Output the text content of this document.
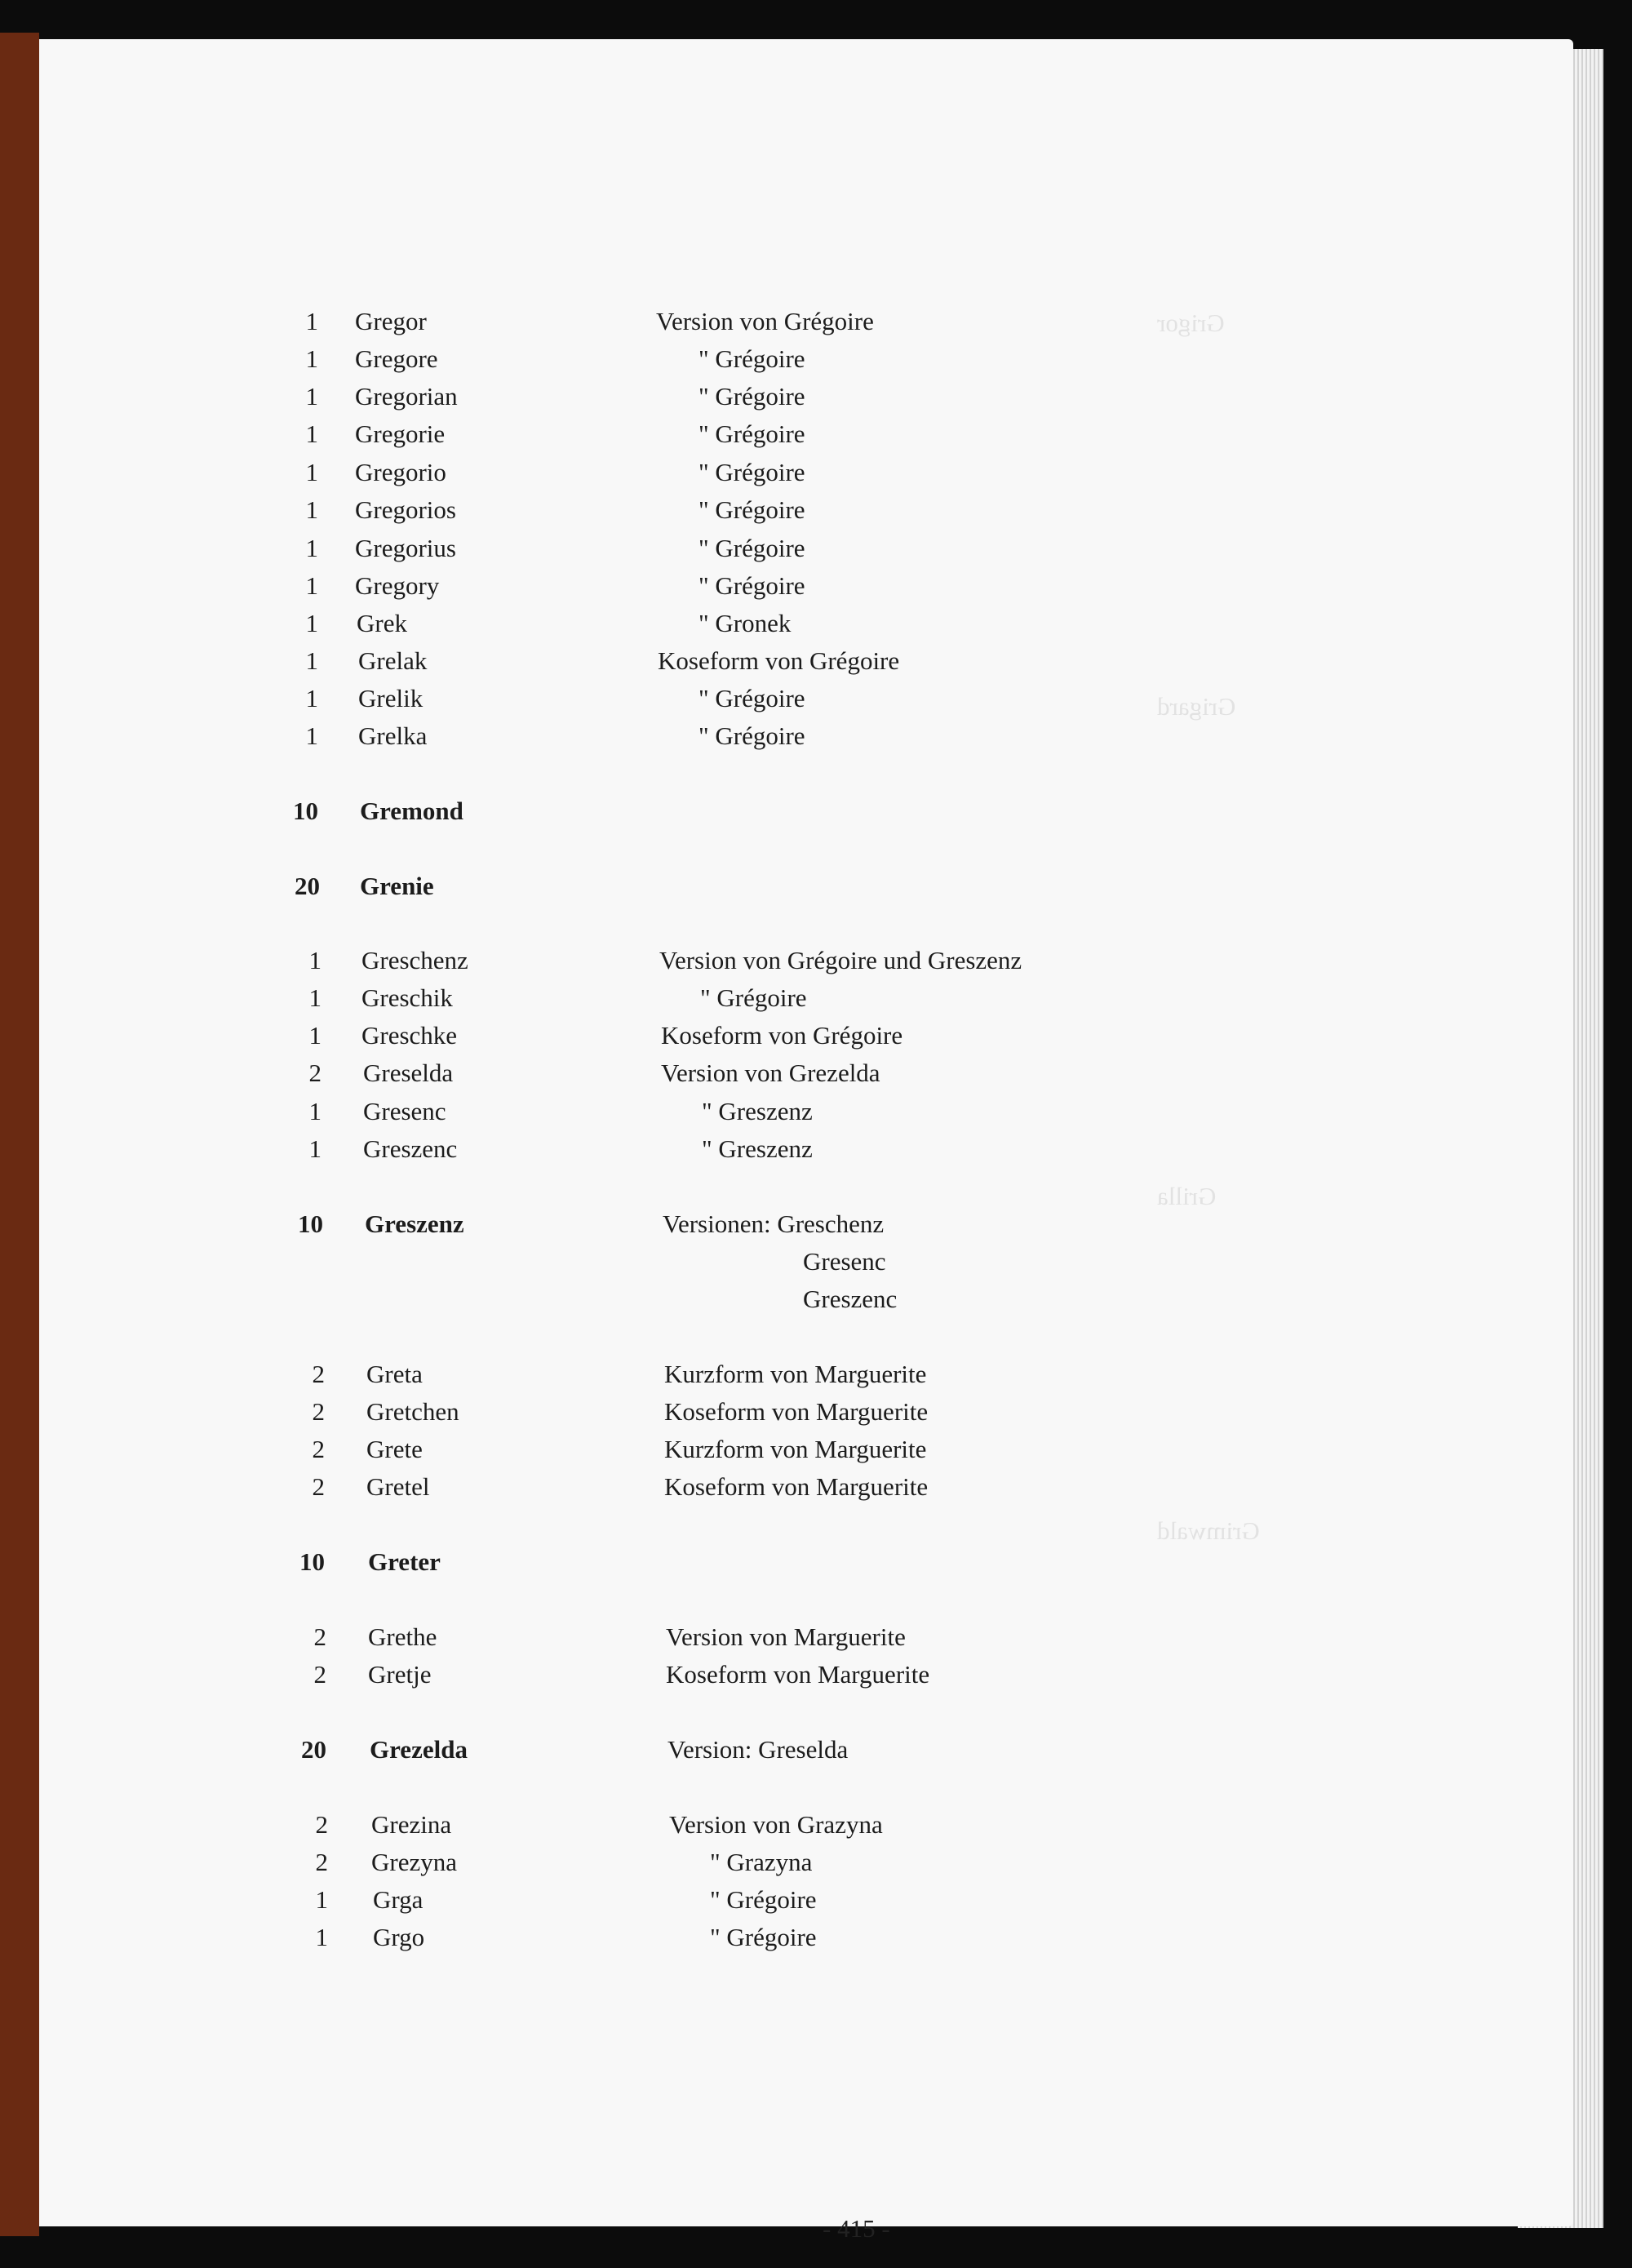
Grigor
Grigard
Grilla
Grimwald
1 Gregor	Version von Grégoire
1 Gregore	" Grégoire
1 Gregorian	" Grégoire
1 Gregorie	" Grégoire
1 Gregorio	" Grégoire
1 Gregorios	" Grégoire
1 Gregorius	" Grégoire
1 Gregory	" Grégoire
1 Grek	" Gronek
1 Grelak	Koseform von Grégoire
1 Grelik	" Grégoire
1 Grelka	" Grégoire
10 Gremond
20 Grenie
1 Greschenz	Version von Grégoire und Greszenz
1 Greschik	" Grégoire
1 Greschke	Koseform von Grégoire
2 Greselda	Version von Grezelda
1 Gresenc	" Greszenz
1 Greszenc	" Greszenz
10 Greszenz	Versionen: Greschenz
Gresenc
Greszenc
2 Greta	Kurzform von Marguerite
2 Gretchen	Koseform von Marguerite
2 Grete	Kurzform von Marguerite
2 Gretel	Koseform von Marguerite
10 Greter
2 Grethe	Version von Marguerite
2 Gretje	Koseform von Marguerite
20 Grezelda	Version: Greselda
2 Grezina	Version von Grazyna
2 Grezyna	" Grazyna
1 Grga	" Grégoire
1 Grgo	" Grégoire
- 415 -
